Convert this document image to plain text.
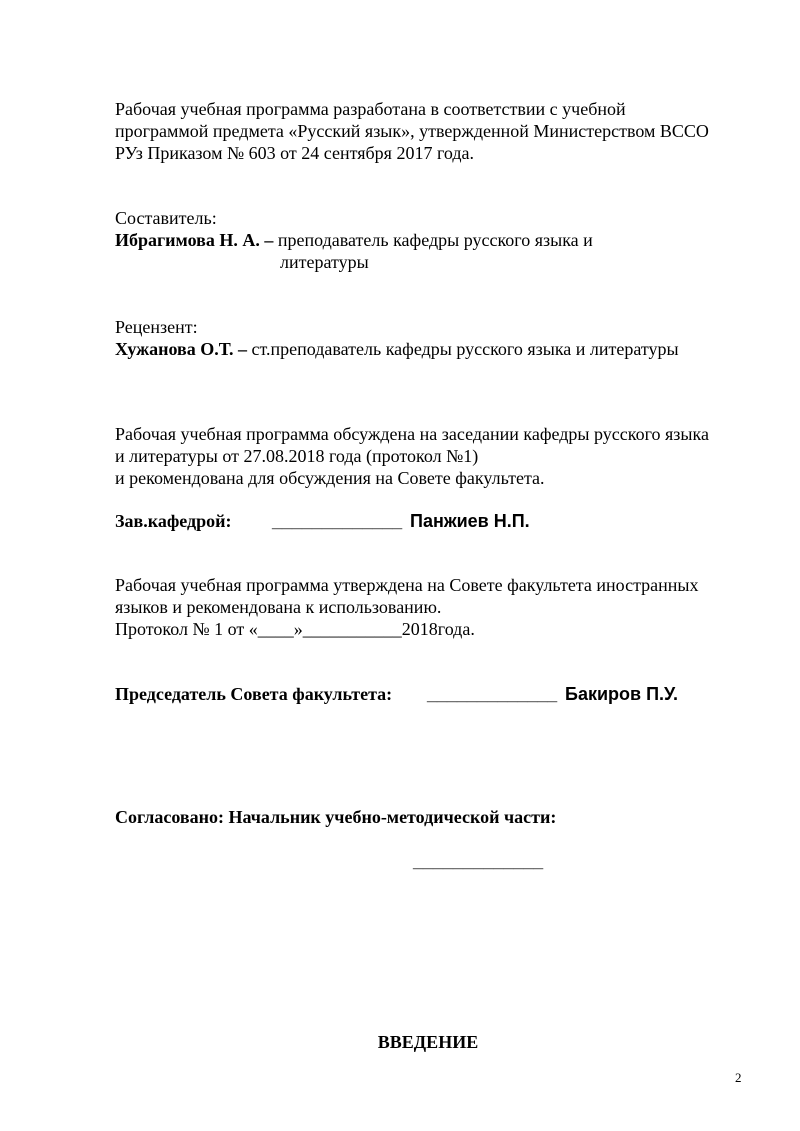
Рабочая учебная программа разработана в соответствии с учебной
программой предмета «Русский язык», утвержденной Министерством ВССО
РУз Приказом № 603 от 24 сентября 2017 года.
Составитель:
Ибрагимова Н. А. – преподаватель кафедры русского языка и
литературы
Рецензент:
Хужанова О.Т. – ст.преподаватель кафедры русского языка и литературы
Рабочая учебная программа обсуждена на заседании кафедры русского языка
и литературы от 27.08.2018 года (протокол №1)
и рекомендована для обсуждения на Совете факультета.
Зав.кафедрой: _____________ Панжиев Н.П.
Рабочая учебная программа утверждена на Совете факультета иностранных
языков и рекомендована к использованию.
Протокол № 1 от «____»___________2018года.
Председатель Совета факультета: _____________ Бакиров П.У.
Согласовано: Начальник учебно-методической части:
_____________
ВВЕДЕНИЕ
2
